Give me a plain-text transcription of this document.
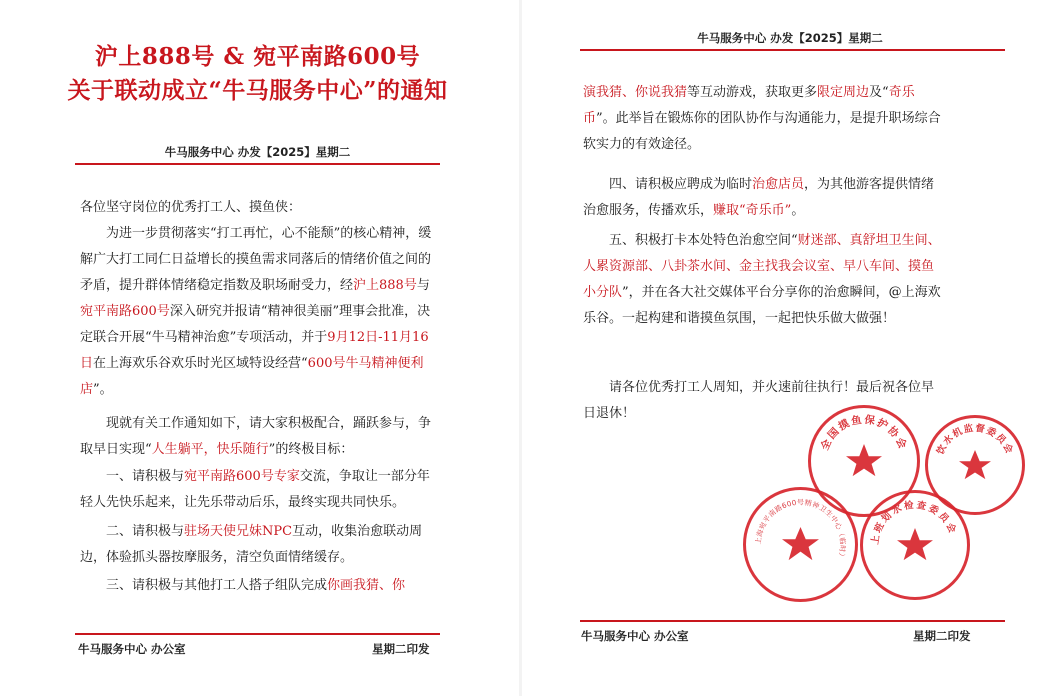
沪上888号 & 宛平南路600号
关于联动成立“牛马服务中心”的通知
牛马服务中心 办发【2025】星期二

各位坚守岗位的优秀打工人、摸鱼侠：

为进一步贯彻落实“打工再忙，心不能颓”的核心精神，缓解广大打工同仁日益增长的摸鱼需求同落后的情绪价值之间的矛盾，提升群体情绪稳定指数及职场耐受力，经沪上888号与宛平南路600号深入研究并报请“精神很美丽”理事会批准，决定联合开展“牛马精神治愈”专项活动，并于9月12日-11月16日在上海欢乐谷欢乐时光区域特设经营“600号牛马精神便利店”。

现就有关工作通知如下，请大家积极配合，踊跃参与，争取早日实现“人生躺平，快乐随行”的终极目标：

一、请积极与宛平南路600号专家交流，争取让一部分年轻人先快乐起来，让先乐带动后乐，最终实现共同快乐。

二、请积极与驻场天使兄妹NPC互动，收集治愈联动周边，体验抓头器按摩服务，清空负面情绪缓存。

三、请积极与其他打工人搭子组队完成你画我猜、你

牛马服务中心 办公室	星期二印发
牛马服务中心 办发【2025】星期二

演我猜、你说我猜等互动游戏，获取更多限定周边及“奇乐币”。此举旨在锻炼你的团队协作与沟通能力，是提升职场综合软实力的有效途径。

四、请积极应聘成为临时治愈店员，为其他游客提供情绪治愈服务，传播欢乐，赚取“奇乐币”。

五、积极打卡本处特色治愈空间“财迷部、真舒坦卫生间、人累资源部、八卦茶水间、金主找我会议室、早八车间、摸鱼小分队”，并在各大社交媒体平台分享你的治愈瞬间，@上海欢乐谷。一起构建和谐摸鱼氛围，一起把快乐做大做强！

请各位优秀打工人周知，并火速前往执行！最后祝各位早日退休！

全国摸鱼保护协会	饮水机监督委员会
上海宛平南路600号精神卫生中心（临时）
上班划水检查委员会
牛马服务中心 办公室	星期二印发
